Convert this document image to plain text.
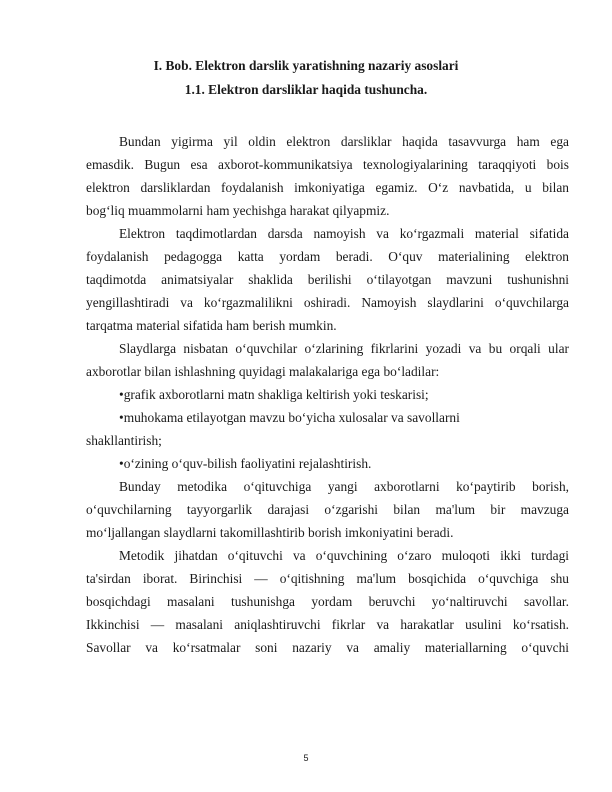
I. Bob. Elektron darslik yaratishning nazariy asoslari
1.1. Elektron darsliklar haqida tushuncha.
Bundan yigirma yil oldin elektron darsliklar haqida tasavvurga ham ega
emasdik. Bugun esa axborot-kommunikatsiya texnologiyalarining taraqqiyoti bois
elektron darsliklardan foydalanish imkoniyatiga egamiz. O‘z navbatida, u bilan
bog‘liq muammolarni ham yechishga harakat qilyapmiz.
Elektron taqdimotlardan darsda namoyish va ko‘rgazmali material sifatida
foydalanish pedagogga katta yordam beradi. O‘quv materialining elektron
taqdimotda animatsiyalar shaklida berilishi o‘tilayotgan mavzuni tushunishni
yengillashtiradi va ko‘rgazmalilikni oshiradi. Namoyish slaydlarini o‘quvchilarga
tarqatma material sifatida ham berish mumkin.
Slaydlarga nisbatan o‘quvchilar o‘zlarining fikrlarini yozadi va bu orqali ular
axborotlar bilan ishlashning quyidagi malakalariga ega bo‘ladilar:
•grafik axborotlarni matn shakliga keltirish yoki teskarisi;
•muhokama etilayotgan mavzu bo‘yicha xulosalar va savollarni
shakllantirish;
•o‘zining o‘quv-bilish faoliyatini rejalashtirish.
Bunday metodika o‘qituvchiga yangi axborotlarni ko‘paytirib borish,
o‘quvchilarning tayyorgarlik darajasi o‘zgarishi bilan ma'lum bir mavzuga
mo‘ljallangan slaydlarni takomillashtirib borish imkoniyatini beradi.
Metodik jihatdan o‘qituvchi va o‘quvchining o‘zaro muloqoti ikki turdagi
ta'sirdan iborat. Birinchisi — o‘qitishning ma'lum bosqichida o‘quvchiga shu
bosqichdagi masalani tushunishga yordam beruvchi yo‘naltiruvchi savollar.
Ikkinchisi — masalani aniqlashtiruvchi fikrlar va harakatlar usulini ko‘rsatish.
Savollar va ko‘rsatmalar soni nazariy va amaliy materiallarning o‘quvchi
5
